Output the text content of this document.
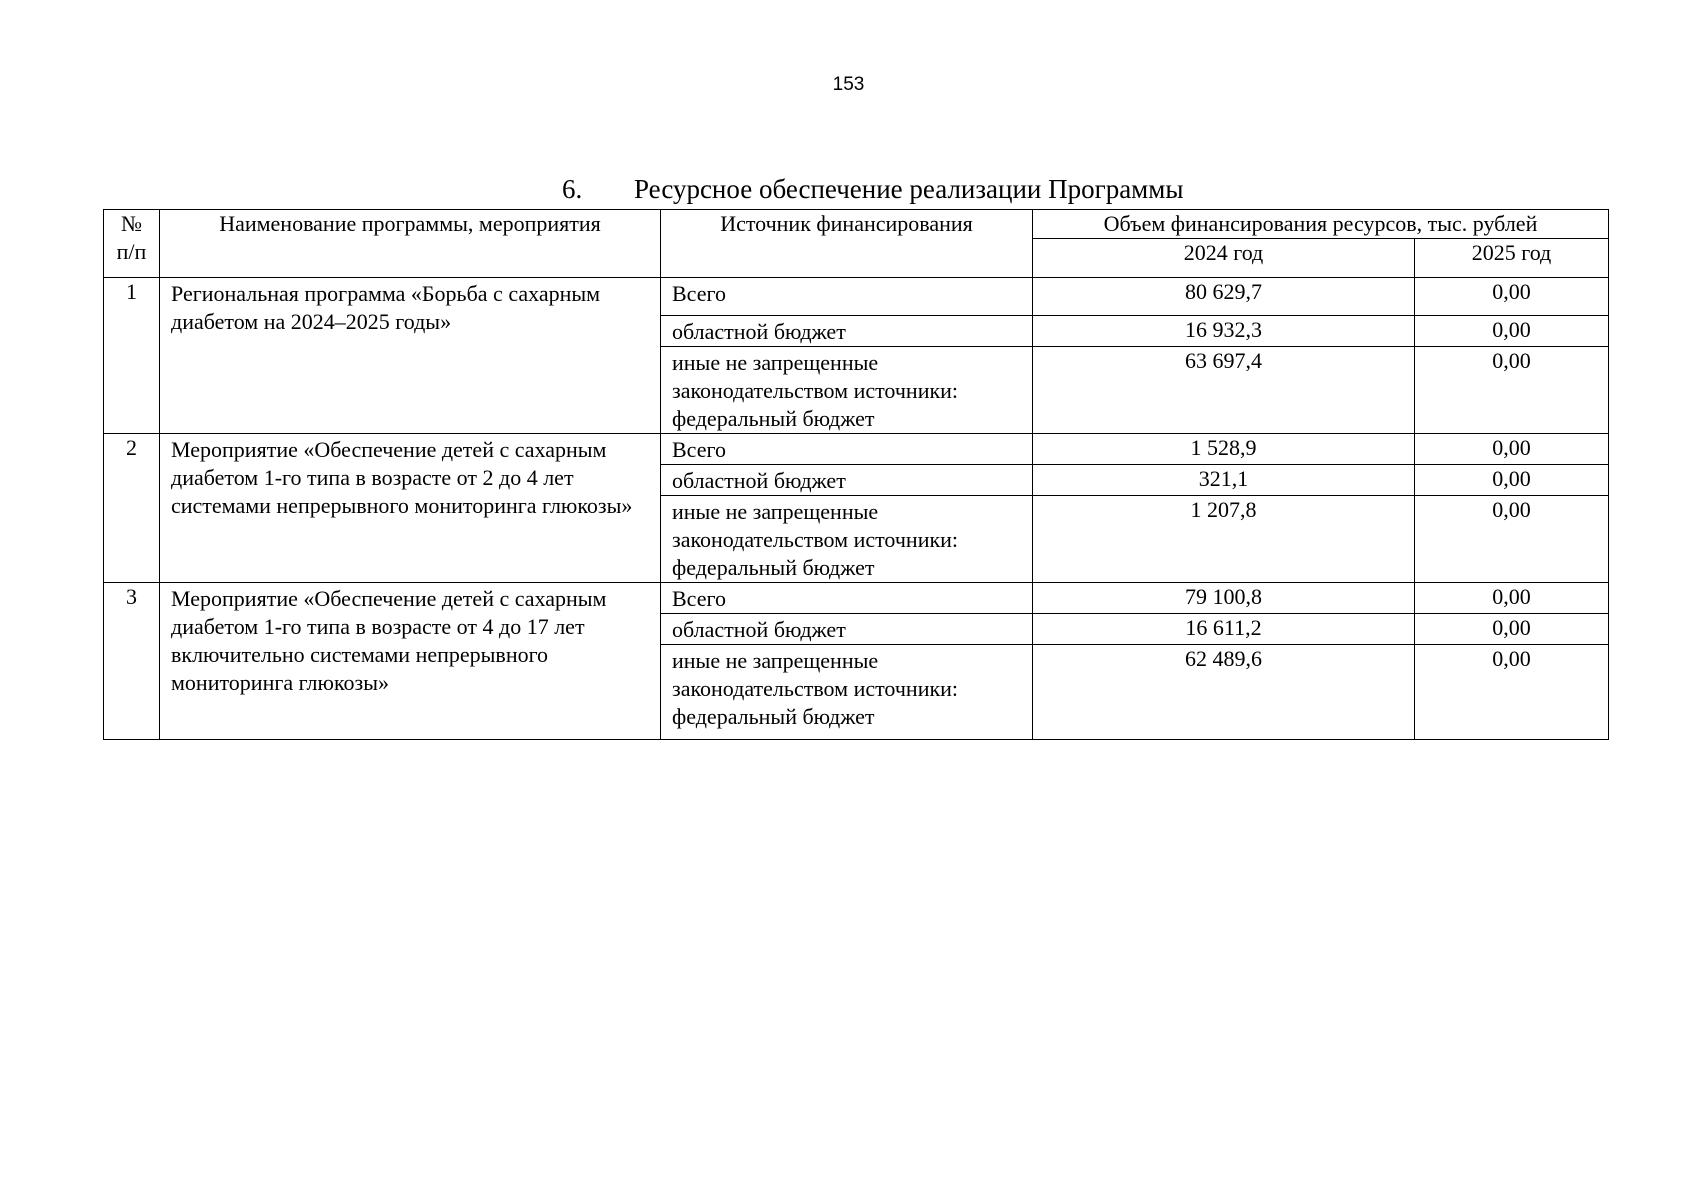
153
6. Ресурсное обеспечение реализации Программы
№
п/п	Наименование программы, мероприятия	Источник финансирования	Объем финансирования ресурсов, тыс. рублей	
			2024 год	2025 год
1	Региональная программа «Борьба с сахарным диабетом на 2024–2025 годы»	Всего	80 629,7	0,00
		областной бюджет	16 932,3	0,00
		иные не запрещенные законодательством источники: федеральный бюджет	63 697,4	0,00
2	Мероприятие «Обеспечение детей с сахарным диабетом 1-го типа в возрасте от 2 до 4 лет системами непрерывного мониторинга глюкозы»	Всего	1 528,9	0,00
		областной бюджет	321,1	0,00
		иные не запрещенные законодательством источники: федеральный бюджет	1 207,8	0,00
3	Мероприятие «Обеспечение детей с сахарным диабетом 1-го типа в возрасте от 4 до 17 лет включительно системами непрерывного мониторинга глюкозы»	Всего	79 100,8	0,00
		областной бюджет	16 611,2	0,00
		иные не запрещенные законодательством источники: федеральный бюджет	62 489,6	0,00
